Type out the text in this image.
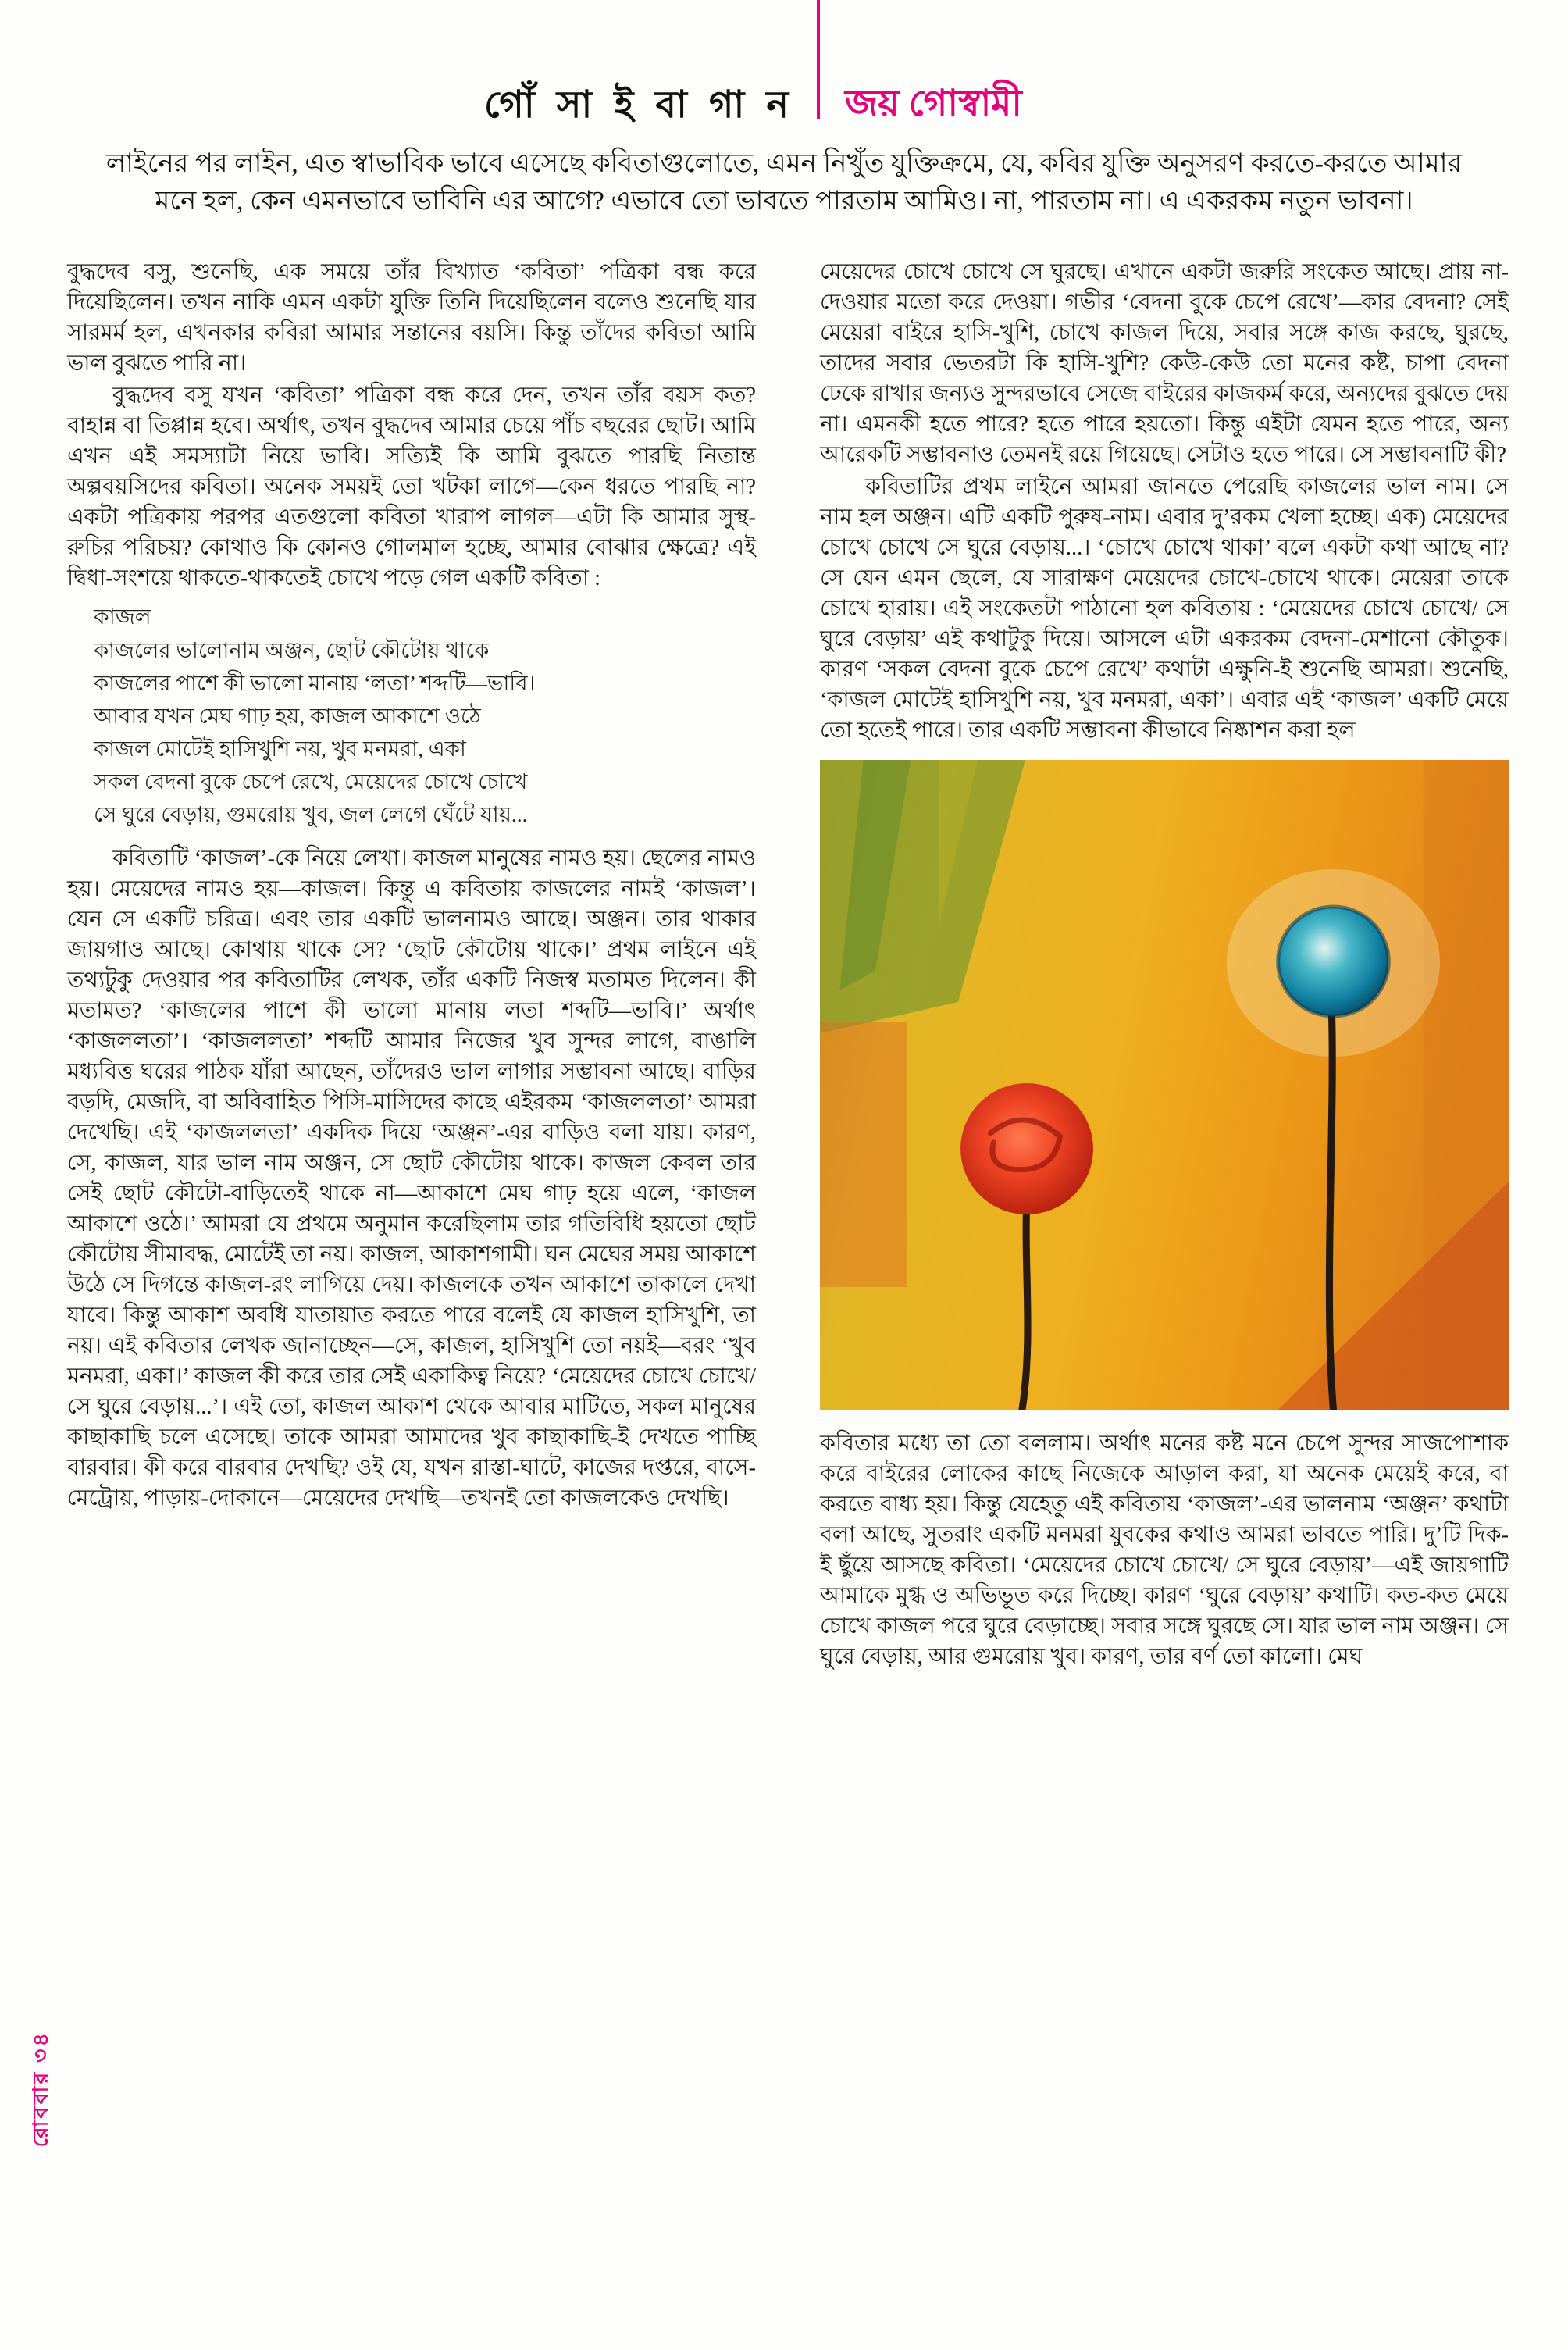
গোঁ সা ই বা গা ন জয় গোস্বামী

লাইনের পর লাইন, এত স্বাভাবিক ভাবে এসেছে কবিতাগুলোতে, এমন নিখুঁত যুক্তিক্রমে, যে, কবির যুক্তি অনুসরণ করতে-করতে আমার মনে হল, কেন এমনভাবে ভাবিনি এর আগে? এভাবে তো ভাবতে পারতাম আমিও। না, পারতাম না। এ একরকম নতুন ভাবনা।

বুদ্ধদেব বসু, শুনেছি, এক সময়ে তাঁর বিখ্যাত ‘কবিতা’ পত্রিকা বন্ধ করে দিয়েছিলেন। তখন নাকি এমন একটা যুক্তি তিনি দিয়েছিলেন বলেও শুনেছি যার সারমর্ম হল, এখনকার কবিরা আমার সন্তানের বয়সি। কিন্তু তাঁদের কবিতা আমি ভাল বুঝতে পারি না।

বুদ্ধদেব বসু যখন ‘কবিতা’ পত্রিকা বন্ধ করে দেন, তখন তাঁর বয়স কত? বাহান্ন বা তিপ্পান্ন হবে। অর্থাৎ, তখন বুদ্ধদেব আমার চেয়ে পাঁচ বছরের ছোট। আমি এখন এই সমস্যাটা নিয়ে ভাবি। সত্যিই কি আমি বুঝতে পারছি নিতান্ত অল্পবয়সিদের কবিতা। অনেক সময়ই তো খটকা লাগে—কেন ধরতে পারছি না? একটা পত্রিকায় পরপর এতগুলো কবিতা খারাপ লাগল—এটা কি আমার সুস্থ-রুচির পরিচয়? কোথাও কি কোনও গোলমাল হচ্ছে, আমার বোঝার ক্ষেত্রে? এই দ্বিধা-সংশয়ে থাকতে-থাকতেই চোখে পড়ে গেল একটি কবিতা :

কাজল
কাজলের ভালোনাম অঞ্জন, ছোট কৌটোয় থাকে
কাজলের পাশে কী ভালো মানায় ‘লতা’ শব্দটি—ভাবি।
আবার যখন মেঘ গাঢ় হয়, কাজল আকাশে ওঠে
কাজল মোটেই হাসিখুশি নয়, খুব মনমরা, একা
সকল বেদনা বুকে চেপে রেখে, মেয়েদের চোখে চোখে
সে ঘুরে বেড়ায়, গুমরোয় খুব, জল লেগে ঘেঁটে যায়...

কবিতাটি ‘কাজল’-কে নিয়ে লেখা। কাজল মানুষের নামও হয়। ছেলের নামও হয়। মেয়েদের নামও হয়—কাজল। কিন্তু এ কবিতায় কাজলের নামই ‘কাজল’। যেন সে একটি চরিত্র। এবং তার একটি ভালনামও আছে। অঞ্জন। তার থাকার জায়গাও আছে। কোথায় থাকে সে? ‘ছোট কৌটোয় থাকে।’ প্রথম লাইনে এই তথ্যটুকু দেওয়ার পর কবিতাটির লেখক, তাঁর একটি নিজস্ব মতামত দিলেন। কী মতামত? ‘কাজলের পাশে কী ভালো মানায় লতা শব্দটি—ভাবি।’ অর্থাৎ ‘কাজললতা’। ‘কাজললতা’ শব্দটি আমার নিজের খুব সুন্দর লাগে, বাঙালি মধ্যবিত্ত ঘরের পাঠক যাঁরা আছেন, তাঁদেরও ভাল লাগার সম্ভাবনা আছে। বাড়ির বড়দি, মেজদি, বা অবিবাহিত পিসি-মাসিদের কাছে এইরকম ‘কাজললতা’ আমরা দেখেছি। এই ‘কাজললতা’ একদিক দিয়ে ‘অঞ্জন’-এর বাড়িও বলা যায়। কারণ, সে, কাজল, যার ভাল নাম অঞ্জন, সে ছোট কৌটোয় থাকে। কাজল কেবল তার সেই ছোট কৌটো-বাড়িতেই থাকে না—আকাশে মেঘ গাঢ় হয়ে এলে, ‘কাজল আকাশে ওঠে।’ আমরা যে প্রথমে অনুমান করেছিলাম তার গতিবিধি হয়তো ছোট কৌটোয় সীমাবদ্ধ, মোটেই তা নয়। কাজল, আকাশগামী। ঘন মেঘের সময় আকাশে উঠে সে দিগন্তে কাজল-রং লাগিয়ে দেয়। কাজলকে তখন আকাশে তাকালে দেখা যাবে। কিন্তু আকাশ অবধি যাতায়াত করতে পারে বলেই যে কাজল হাসিখুশি, তা নয়। এই কবিতার লেখক জানাচ্ছেন—সে, কাজল, হাসিখুশি তো নয়ই—বরং ‘খুব মনমরা, একা।’ কাজল কী করে তার সেই একাকিত্ব নিয়ে? ‘মেয়েদের চোখে চোখে/ সে ঘুরে বেড়ায়...’। এই তো, কাজল আকাশ থেকে আবার মাটিতে, সকল মানুষের কাছাকাছি চলে এসেছে। তাকে আমরা আমাদের খুব কাছাকাছি-ই দেখতে পাচ্ছি বারবার। কী করে বারবার দেখছি? ওই যে, যখন রাস্তা-ঘাটে, কাজের দপ্তরে, বাসে-মেট্রোয়, পাড়ায়-দোকানে—মেয়েদের দেখছি—তখনই তো কাজলকেও দেখছি।

মেয়েদের চোখে চোখে সে ঘুরছে। এখানে একটা জরুরি সংকেত আছে। প্রায় না-দেওয়ার মতো করে দেওয়া। গভীর ‘বেদনা বুকে চেপে রেখে’—কার বেদনা? সেই মেয়েরা বাইরে হাসি-খুশি, চোখে কাজল দিয়ে, সবার সঙ্গে কাজ করছে, ঘুরছে, তাদের সবার ভেতরটা কি হাসি-খুশি? কেউ-কেউ তো মনের কষ্ট, চাপা বেদনা ঢেকে রাখার জন্যও সুন্দরভাবে সেজে বাইরের কাজকর্ম করে, অন্যদের বুঝতে দেয় না। এমনকী হতে পারে? হতে পারে হয়তো। কিন্তু এইটা যেমন হতে পারে, অন্য আরেকটি সম্ভাবনাও তেমনই রয়ে গিয়েছে। সেটাও হতে পারে। সে সম্ভাবনাটি কী?

কবিতাটির প্রথম লাইনে আমরা জানতে পেরেছি কাজলের ভাল নাম। সে নাম হল অঞ্জন। এটি একটি পুরুষ-নাম। এবার দু’রকম খেলা হচ্ছে। এক) মেয়েদের চোখে চোখে সে ঘুরে বেড়ায়...। ‘চোখে চোখে থাকা’ বলে একটা কথা আছে না? সে যেন এমন ছেলে, যে সারাক্ষণ মেয়েদের চোখে-চোখে থাকে। মেয়েরা তাকে চোখে হারায়। এই সংকেতটা পাঠানো হল কবিতায় : ‘মেয়েদের চোখে চোখে/ সে ঘুরে বেড়ায়’ এই কথাটুকু দিয়ে। আসলে এটা একরকম বেদনা-মেশানো কৌতুক। কারণ ‘সকল বেদনা বুকে চেপে রেখে’ কথাটা এক্ষুনি-ই শুনেছি আমরা। শুনেছি, ‘কাজল মোটেই হাসিখুশি নয়, খুব মনমরা, একা’। এবার এই ‘কাজল’ একটি মেয়ে তো হতেই পারে। তার একটি সম্ভাবনা কীভাবে নিষ্কাশন করা হল

কবিতার মধ্যে তা তো বললাম। অর্থাৎ মনের কষ্ট মনে চেপে সুন্দর সাজপোশাক করে বাইরের লোকের কাছে নিজেকে আড়াল করা, যা অনেক মেয়েই করে, বা করতে বাধ্য হয়। কিন্তু যেহেতু এই কবিতায় ‘কাজল’-এর ভালনাম ‘অঞ্জন’ কথাটা বলা আছে, সুতরাং একটি মনমরা যুবকের কথাও আমরা ভাবতে পারি। দু’টি দিক-ই ছুঁয়ে আসছে কবিতা। ‘মেয়েদের চোখে চোখে/ সে ঘুরে বেড়ায়’—এই জায়গাটি আমাকে মুগ্ধ ও অভিভূত করে দিচ্ছে। কারণ ‘ঘুরে বেড়ায়’ কথাটি। কত-কত মেয়ে চোখে কাজল পরে ঘুরে বেড়াচ্ছে। সবার সঙ্গে ঘুরছে সে। যার ভাল নাম অঞ্জন। সে ঘুরে বেড়ায়, আর গুমরোয় খুব। কারণ, তার বর্ণ তো কালো। মেঘ

রোববার ৩৪
